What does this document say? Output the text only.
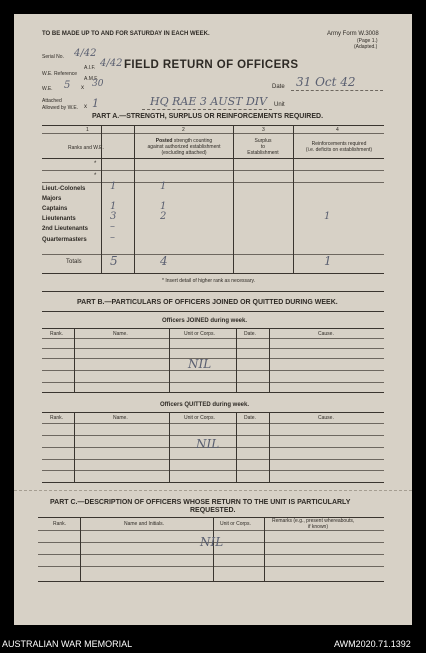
TO BE MADE UP TO AND FOR SATURDAY IN EACH WEEK.	Army Form W.3008
(Page 1.)
(Adapted.)
FIELD RETURN OF OFFICERS
Serial No. 4/42
A.I.F. 4/42
W.E. Reference
A.M.F.
W.E. 5 x 30	Date 31 Oct 42
Attached
Allowed by W.E. x 1	HQ RAE 3 AUST DIV Unit
PART A.—STRENGTH, SURPLUS OR REINFORCEMENTS REQUIRED.
1	2	3	4
Ranks and W.E.
Posted strength counting
against authorized establishment
(excluding attached)
Surplus
to
Establishment
Reinforcements required
(i.e. deficits on establishment)
*
*
Lieut.-Colonels 1	1
Majors
Captains	1	1
Lieutenants	3	2	1
2nd Lieutenants –
Quartermasters –
Totals 5	4	1
* Insert detail of higher rank as necessary.
PART B.—PARTICULARS OF OFFICERS JOINED OR QUITTED DURING WEEK.
Officers JOINED during week.
Rank.	Name.	Unit or Corps.	Date.	Cause.
NIL
Officers QUITTED during week.
Rank.	Name.	Unit or Corps.	Date.	Cause.
NIL
PART C.—DESCRIPTION OF OFFICERS WHOSE RETURN TO THE UNIT IS PARTICULARLY
REQUESTED.
Rank.	Name and Initials.	Unit or Corps.	Remarks (e.g., present whereabouts,
if known)
NIL
AUSTRALIAN WAR MEMORIAL	AWM2020.71.1392
